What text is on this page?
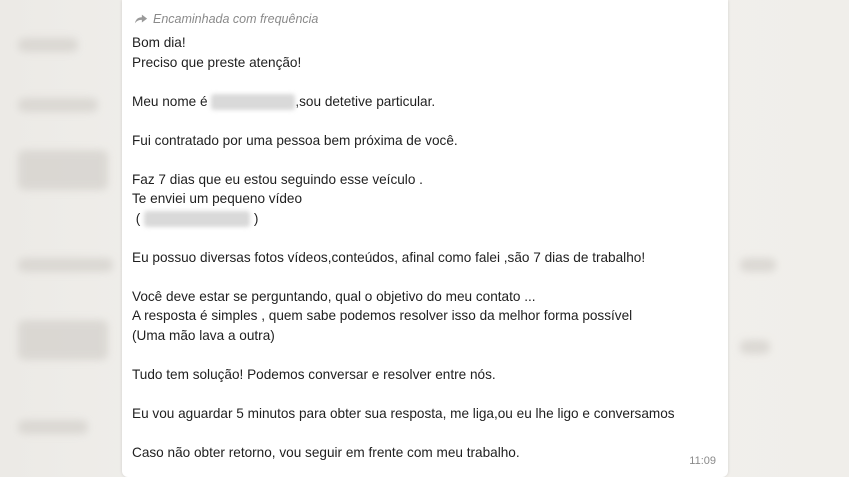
Encaminhada com frequência
Bom dia!
Preciso que preste atenção!
Meu nome é	,sou detetive particular.
Fui contratado por uma pessoa bem próxima de você.
Faz 7 dias que eu estou seguindo esse veículo .
Te enviei um pequeno vídeo
(	)
Eu possuo diversas fotos vídeos,conteúdos, afinal como falei ,são 7 dias de trabalho!
Você deve estar se perguntando, qual o objetivo do meu contato ...
A resposta é simples , quem sabe podemos resolver isso da melhor forma possível
(Uma mão lava a outra)
Tudo tem solução! Podemos conversar e resolver entre nós.
Eu vou aguardar 5 minutos para obter sua resposta, me liga,ou eu lhe ligo e conversamos
Caso não obter retorno, vou seguir em frente com meu trabalho.
11:09
